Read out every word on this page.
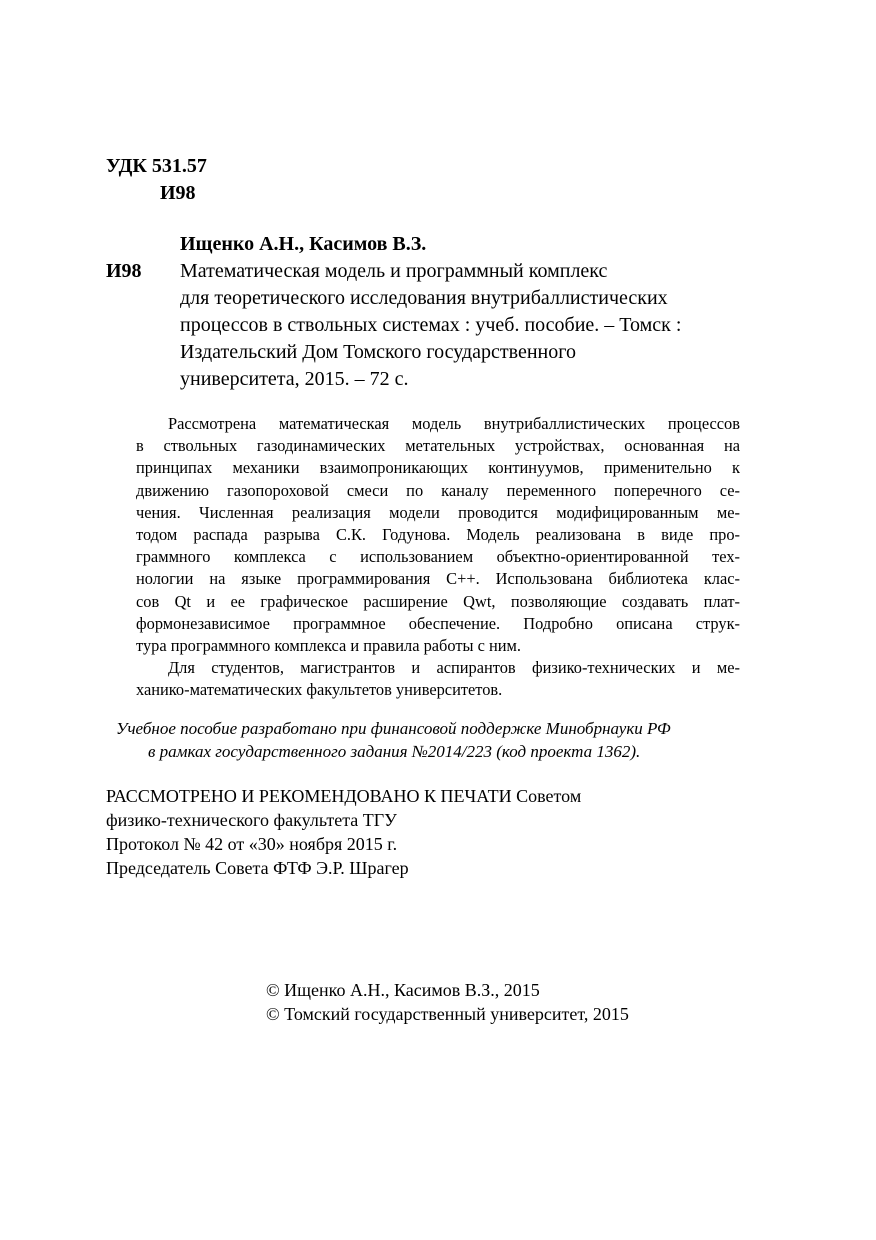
УДК 531.57
И98
Ищенко А.Н., Касимов В.З.
И98 Математическая модель и программный комплекс
для теоретического исследования внутрибаллистических
процессов в ствольных системах : учеб. пособие. – Томск :
Издательский Дом Томского государственного
университета, 2015. – 72 с.
Рассмотрена математическая модель внутрибаллистических процессов
в ствольных газодинамических метательных устройствах, основанная на
принципах механики взаимопроникающих континуумов, применительно к
движению газопороховой смеси по каналу переменного поперечного се-
чения. Численная реализация модели проводится модифицированным ме-
тодом распада разрыва С.К. Годунова. Модель реализована в виде про-
граммного комплекса с использованием объектно-ориентированной тех-
нологии на языке программирования С++. Использована библиотека клас-
сов Qt и ее графическое расширение Qwt, позволяющие создавать плат-
формонезависимое программное обеспечение. Подробно описана струк-
тура программного комплекса и правила работы с ним.
Для студентов, магистрантов и аспирантов физико-технических и ме-
ханико-математических факультетов университетов.
Учебное пособие разработано при финансовой поддержке Минобрнауки РФ
в рамках государственного задания №2014/223 (код проекта 1362).
РАССМОТРЕНО И РЕКОМЕНДОВАНО К ПЕЧАТИ Советом
физико-технического факультета ТГУ
Протокол № 42 от «30» ноября 2015 г.
Председатель Совета ФТФ Э.Р. Шрагер
© Ищенко А.Н., Касимов В.З., 2015
© Томский государственный университет, 2015
